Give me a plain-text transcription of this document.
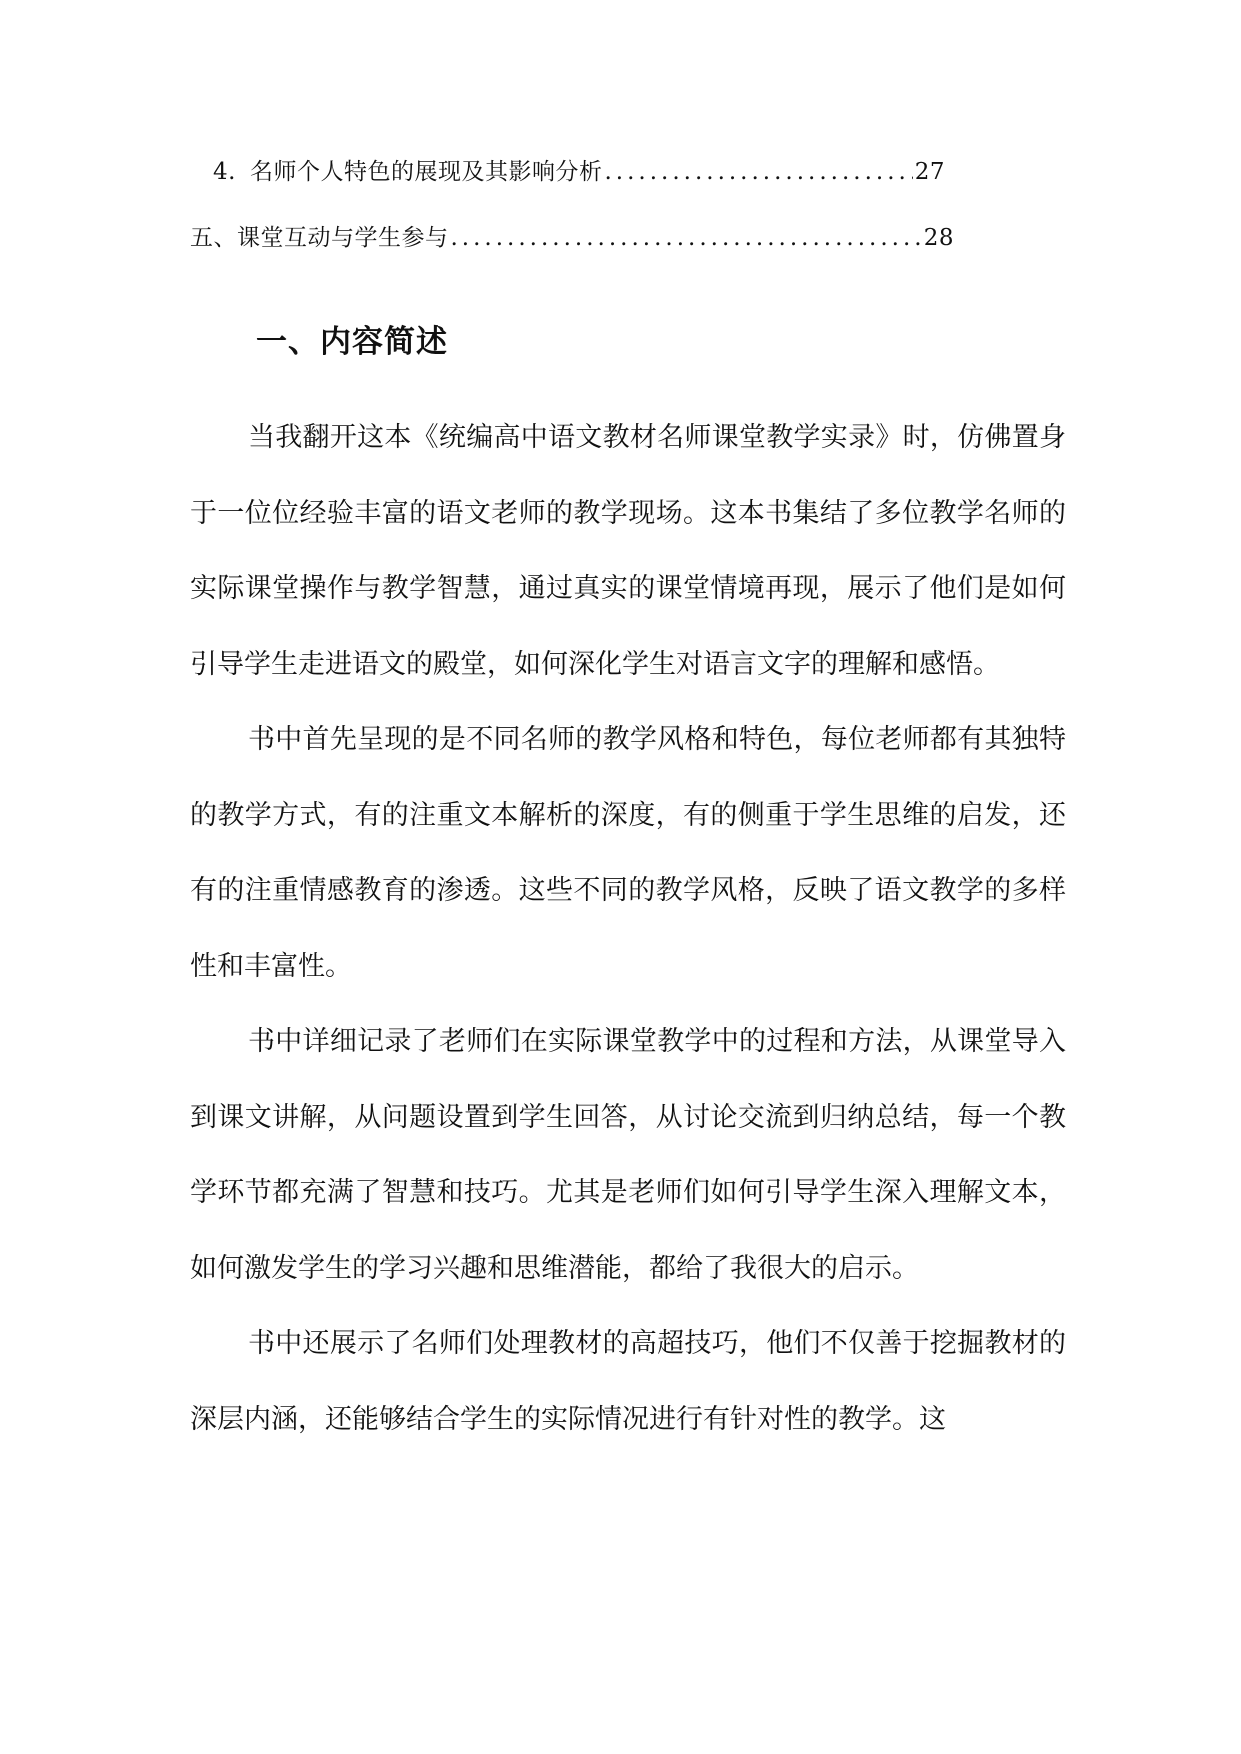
4. 名师个人特色的展现及其影响分析 .....	27
五、课堂互动与学生参与 .....	28
一、内容简述

当我翻开这本《统编高中语文教材名师课堂教学实录》时，仿佛置身于一位位经验丰富的语文老师的教学现场。这本书集结了多位教学名师的实际课堂操作与教学智慧，通过真实的课堂情境再现，展示了他们是如何引导学生走进语文的殿堂，如何深化学生对语言文字的理解和感悟。

书中首先呈现的是不同名师的教学风格和特色，每位老师都有其独特的教学方式，有的注重文本解析的深度，有的侧重于学生思维的启发，还有的注重情感教育的渗透。这些不同的教学风格，反映了语文教学的多样性和丰富性。

书中详细记录了老师们在实际课堂教学中的过程和方法，从课堂导入到课文讲解，从问题设置到学生回答，从讨论交流到归纳总结，每一个教学环节都充满了智慧和技巧。尤其是老师们如何引导学生深入理解文本，如何激发学生的学习兴趣和思维潜能，都给了我很大的启示。

书中还展示了名师们处理教材的高超技巧，他们不仅善于挖掘教材的深层内涵，还能够结合学生的实际情况进行有针对性的教学。这
